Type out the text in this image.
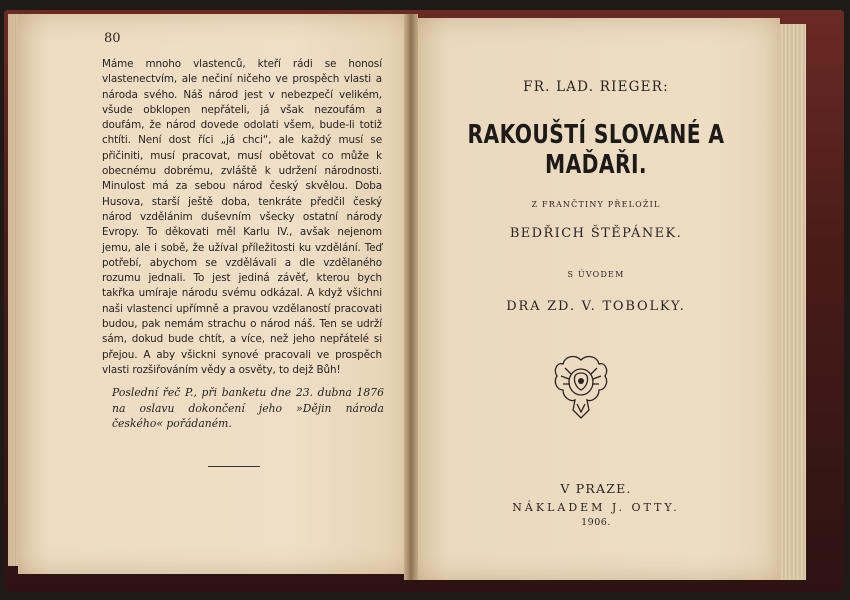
80

Máme mnoho vlastenců, kteří rádi se honosí vlastenectvím, ale nečiní ničeho ve prospěch vlasti a národa svého. Náš národ jest v nebezpečí velikém, všude obklopen nepřáteli, já však nezoufám a doufám, že národ dovede odolati všem, bude-li totiž chtíti. Není dost říci „já chci“, ale každý musí se přičiniti, musí pracovat, musí obětovat co může k obecnému dobrému, zvláště k udržení národnosti. Minulost má za sebou národ český skvělou. Doba Husova, starší ještě doba, tenkráte předčil český národ vzdělánim duševním všecky ostatní národy Evropy. To děkovati měl Karlu IV., avšak nejenom jemu, ale i sobě, že užíval příležitosti ku vzdělání. Teď potřebí, abychom se vzdělávali a dle vzdělaného rozumu jednali. To jest jediná závěť, kterou bych takřka umíraje národu svému odkázal. A když všichni naši vlastenci upřímně a pravou vzdělaností pracovati budou, pak nemám strachu o národ náš. Ten se udrží sám, dokud bude chtít, a více, než jeho nepřátelé si přejou. A aby všickni synové pracovali ve prospěch vlasti rozšiřováním vědy a osvěty, to dejž Bůh!

Poslední řeč P., při banketu dne 23. dubna 1876 na oslavu dokončení jeho »Dějin národa českého« pořádaném.

FR. LAD. RIEGER:
RAKOUŠTÍ SLOVANÉ A MAĎAŘI.
Z FRANČTINY PŘELOŽIL
BEDŘICH ŠTĚPÁNEK.
S ÚVODEM
DRA ZD. V. TOBOLKY.
V PRAZE.
NÁKLADEM J. OTTY.
1906.
